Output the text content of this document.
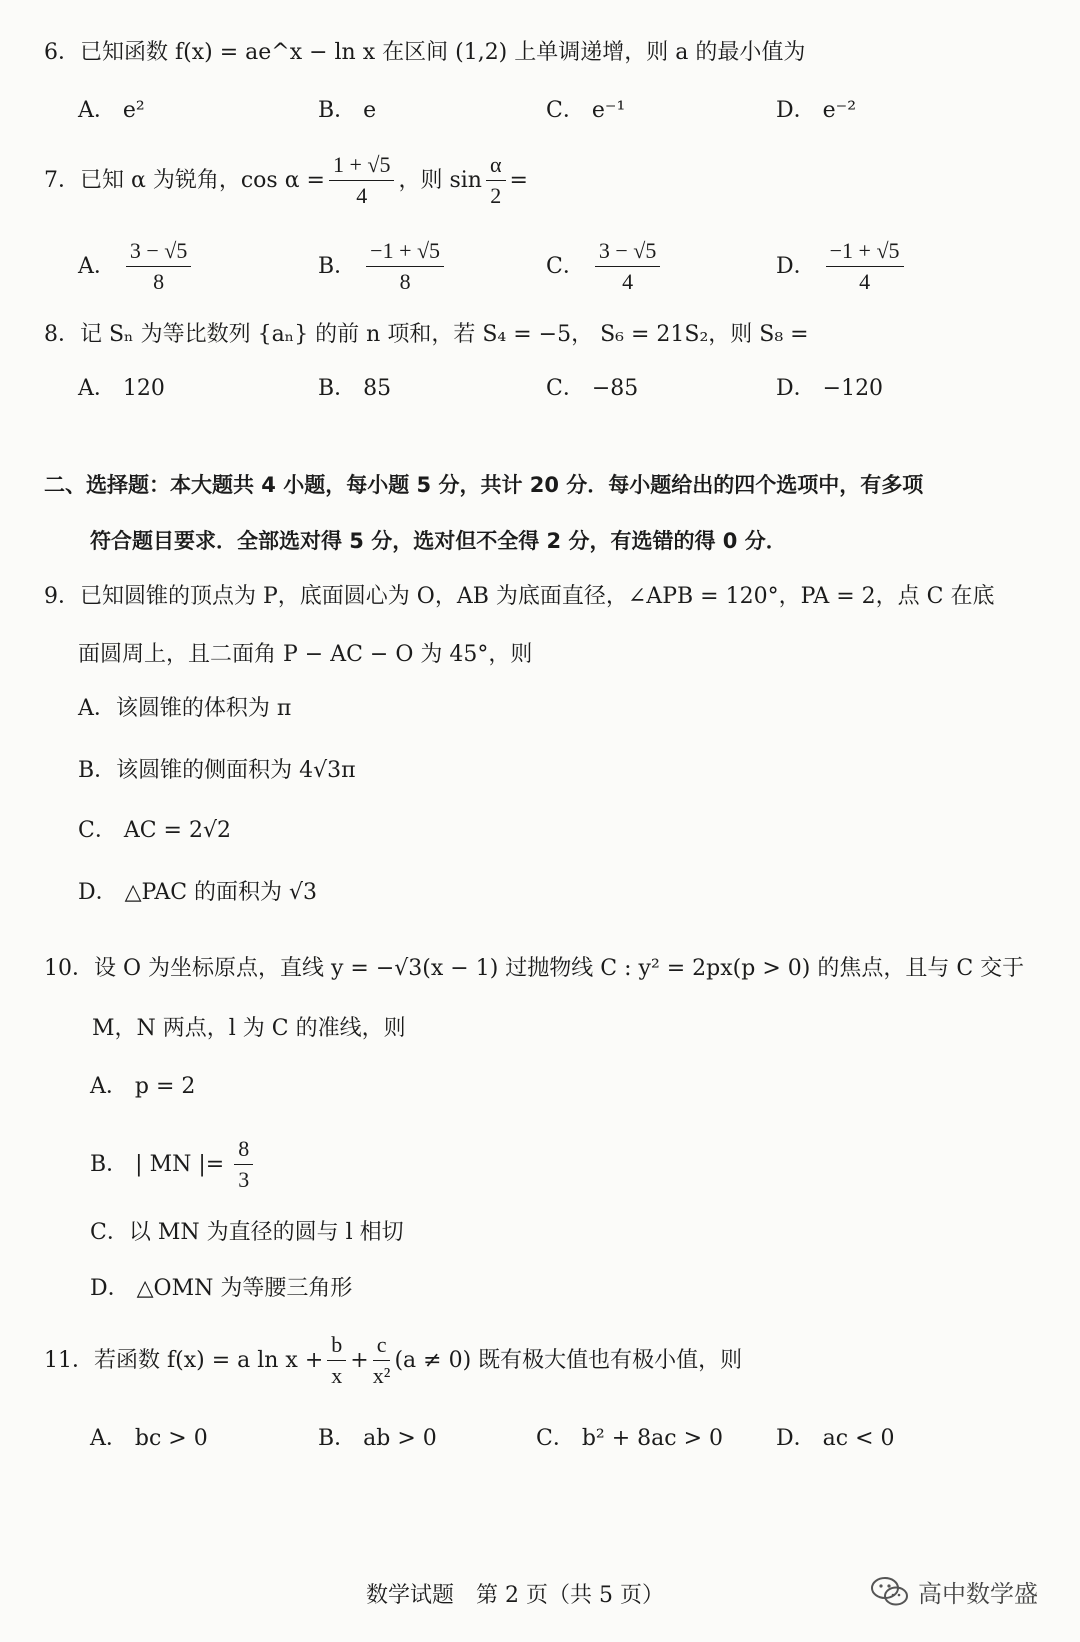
6．已知函数 f(x) = ae^x − ln x 在区间 (1,2) 上单调递增，则 a 的最小值为
A． e²	B． e	C． e⁻¹	D． e⁻²
7．已知 α 为锐角，$\cos \alpha = \frac{1 + √5}{4}$ ，则 $\sin \frac{\alpha}{2}$ =
A． $\frac{3 - √5}{8}$	B． $\frac{-1 + √5}{8}$	C． $\frac{3 - √5}{4}$	D． $\frac{-1 + √5}{4}$
8．记 Sₙ 为等比数列 {aₙ} 的前 n 项和，若 S₄ = −5， S₆ = 21S₂，则 S₈ =
A． 120	B． 85	C． −85	D． −120
二、选择题：本大题共 4 小题，每小题 5 分，共计 20 分．每小题给出的四个选项中，有多项
符合题目要求．全部选对得 5 分，选对但不全得 2 分，有选错的得 0 分．
9．已知圆锥的顶点为 P，底面圆心为 O，AB 为底面直径，∠APB = 120°，PA = 2，点 C 在底
面圆周上，且二面角 P − AC − O 为 45°，则
A．该圆锥的体积为 π
B．该圆锥的侧面积为 4√3π
C． AC = 2√2
D． △PAC 的面积为 √3
10．设 O 为坐标原点，直线 y = −√3(x − 1) 过抛物线 C : y² = 2px(p > 0) 的焦点，且与 C 交于
M，N 两点，l 为 C 的准线，则
A． p = 2
B． | MN |= $\frac{8}{3}$
C．以 MN 为直径的圆与 l 相切
D． △OMN 为等腰三角形
11．若函数 f(x) = a $\ln x + \frac{b}{x} + \frac{c}{\text{x²}} (a \ne 0)$ 既有极大值也有极小值，则
A． bc > 0	B． ab > 0	C． b² + 8ac > 0 D． ac < 0
数学试题　第 2 页（共 5 页）	高中数学盛
